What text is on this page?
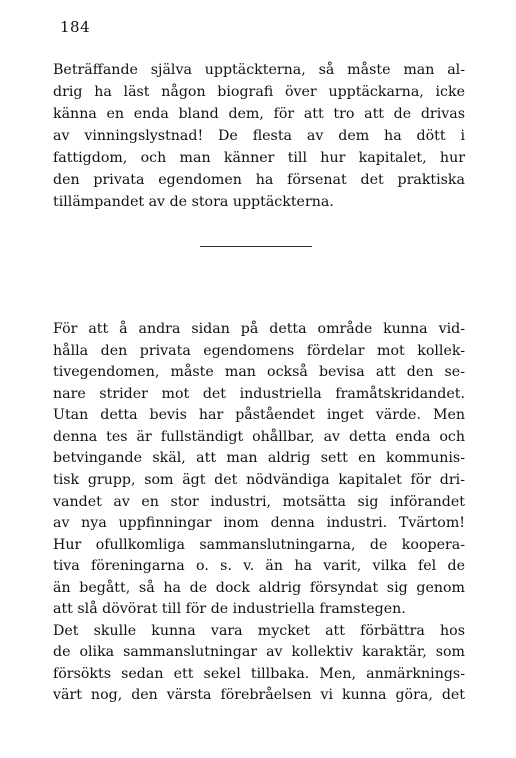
184
Beträffande själva upptäckterna, så måste man al-
drig ha läst någon biografi över upptäckarna, icke
känna en enda bland dem, för att tro att de drivas
av vinningslystnad! De flesta av dem ha dött i
fattigdom, och man känner till hur kapitalet, hur
den privata egendomen ha försenat det praktiska
tillämpandet av de stora upptäckterna.
För att å andra sidan på detta område kunna vid-
hålla den privata egendomens fördelar mot kollek-
tivegendomen, måste man också bevisa att den se-
nare strider mot det industriella framåtskridandet.
Utan detta bevis har påståendet inget värde. Men
denna tes är fullständigt ohållbar, av detta enda och
betvingande skäl, att man aldrig sett en kommunis-
tisk grupp, som ägt det nödvändiga kapitalet för dri-
vandet av en stor industri, motsätta sig införandet
av nya uppfinningar inom denna industri. Tvärtom!
Hur ofullkomliga sammanslutningarna, de koopera-
tiva föreningarna o. s. v. än ha varit, vilka fel de
än begått, så ha de dock aldrig försyndat sig genom
att slå dövörat till för de industriella framstegen.
Det skulle kunna vara mycket att förbättra hos
de olika sammanslutningar av kollektiv karaktär, som
försökts sedan ett sekel tillbaka. Men, anmärknings-
värt nog, den värsta förebråelsen vi kunna göra, det
